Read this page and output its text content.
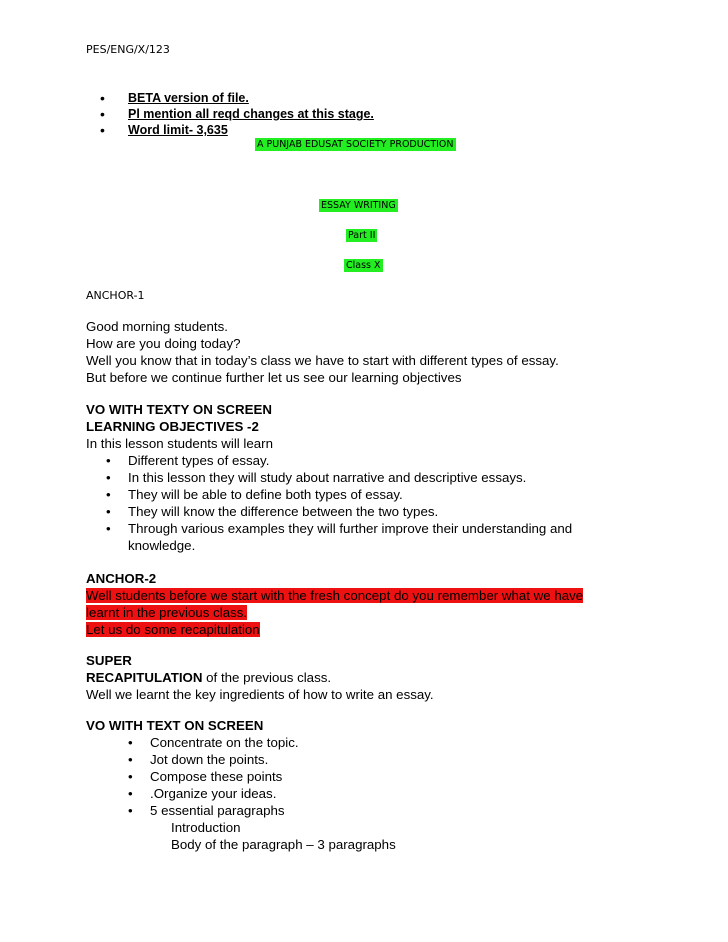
PES/ENG/X/123
• BETA version of file.
• Pl mention all reqd changes at this stage.
• Word limit- 3,635
A PUNJAB EDUSAT SOCIETY PRODUCTION
ESSAY WRITING
Part II
Class X
ANCHOR-1

Good morning students.

How are you doing today?

Well you know that in today’s class we have to start with different types of essay.

But before we continue further let us see our learning objectives

VO WITH TEXTY ON SCREEN

LEARNING OBJECTIVES -2

In this lesson students will learn

• Different types of essay.
• In this lesson they will study about narrative and descriptive essays.
• They will be able to define both types of essay.
• They will know the difference between the two types.
• Through various examples they will further improve their understanding and knowledge.

ANCHOR-2

Well students before we start with the fresh concept do you remember what we have

learnt in the previous class.

Let us do some recapitulation

SUPER

RECAPITULATION of the previous class.

Well we learnt the key ingredients of how to write an essay.

VO WITH TEXT ON SCREEN

• Concentrate on the topic.
• Jot down the points.
• Compose these points
• .Organize your ideas.
• 5 essential paragraphs

Introduction

Body of the paragraph – 3 paragraphs
